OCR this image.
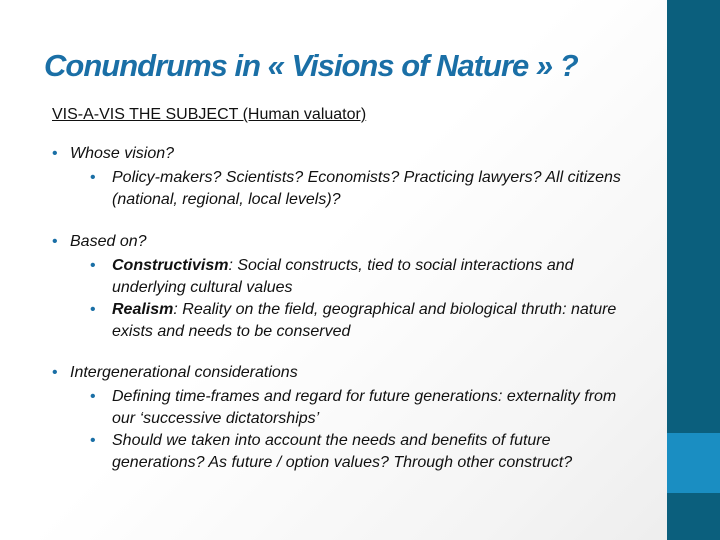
Conundrums in « Visions of Nature » ?

VIS-A-VIS THE SUBJECT (Human valuator)

• Whose vision?
• Policy-makers? Scientists? Economists? Practicing lawyers? All citizens (national, regional, local levels)?
• Based on?
• Constructivism: Social constructs, tied to social interactions and underlying cultural values
• Realism: Reality on the field, geographical and biological thruth: nature exists and needs to be conserved
• Intergenerational considerations
• Defining time-frames and regard for future generations: externality from our ‘successive dictatorships’
• Should we taken into account the needs and benefits of future generations? As future / option values? Through other construct?
